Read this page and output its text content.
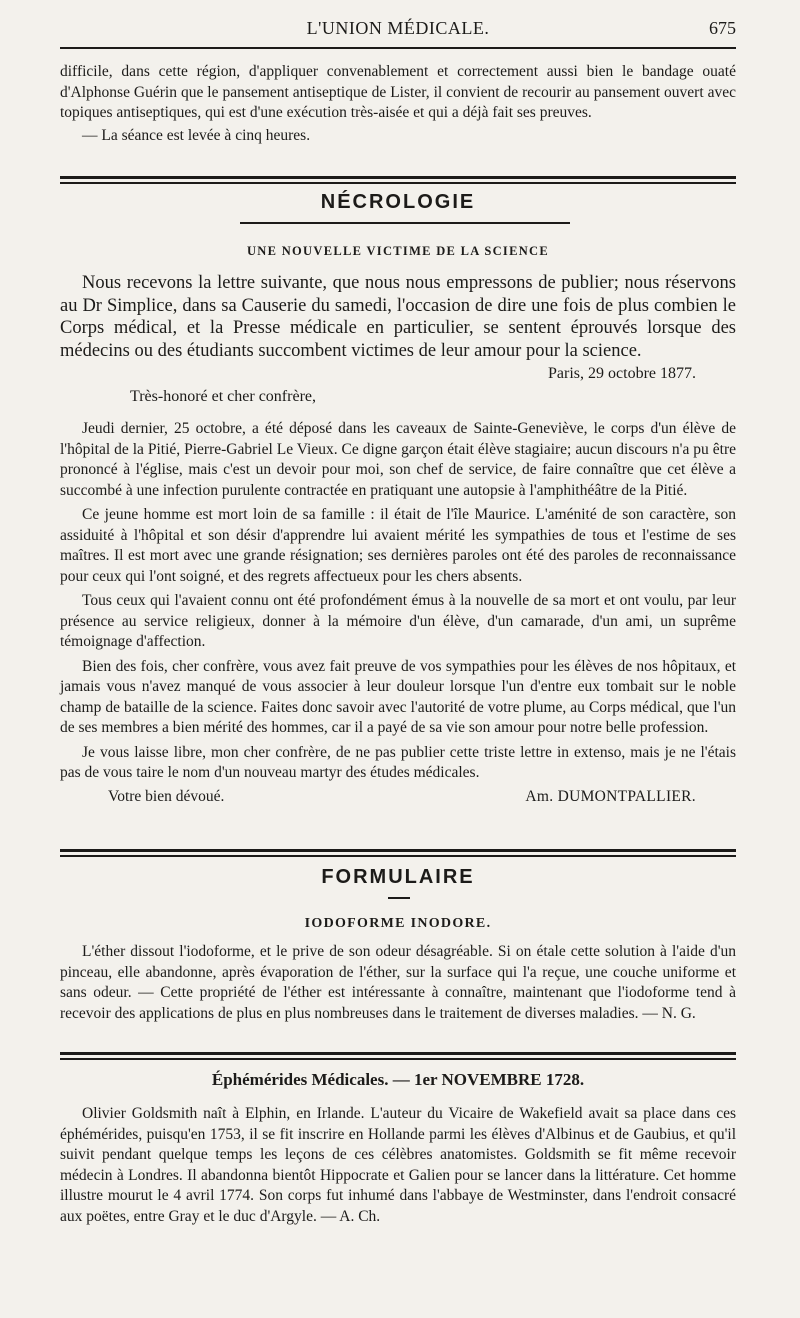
L'UNION MÉDICALE.	675

difficile, dans cette région, d'appliquer convenablement et correctement aussi bien le bandage ouaté d'Alphonse Guérin que le pansement antiseptique de Lister, il convient de recourir au pansement ouvert avec topiques antiseptiques, qui est d'une exécution très-aisée et qui a déjà fait ses preuves.

— La séance est levée à cinq heures.

NÉCROLOGIE
UNE NOUVELLE VICTIME DE LA SCIENCE

Nous recevons la lettre suivante, que nous nous empressons de publier; nous réservons au Dr Simplice, dans sa Causerie du samedi, l'occasion de dire une fois de plus combien le Corps médical, et la Presse médicale en particulier, se sentent éprouvés lorsque des médecins ou des étudiants succombent victimes de leur amour pour la science.

Paris, 29 octobre 1877.
Très-honoré et cher confrère,

Jeudi dernier, 25 octobre, a été déposé dans les caveaux de Sainte-Geneviève, le corps d'un élève de l'hôpital de la Pitié, Pierre-Gabriel Le Vieux. Ce digne garçon était élève stagiaire; aucun discours n'a pu être prononcé à l'église, mais c'est un devoir pour moi, son chef de service, de faire connaître que cet élève a succombé à une infection purulente contractée en pratiquant une autopsie à l'amphithéâtre de la Pitié.

Ce jeune homme est mort loin de sa famille : il était de l'île Maurice. L'aménité de son caractère, son assiduité à l'hôpital et son désir d'apprendre lui avaient mérité les sympathies de tous et l'estime de ses maîtres. Il est mort avec une grande résignation; ses dernières paroles ont été des paroles de reconnaissance pour ceux qui l'ont soigné, et des regrets affectueux pour les chers absents.

Tous ceux qui l'avaient connu ont été profondément émus à la nouvelle de sa mort et ont voulu, par leur présence au service religieux, donner à la mémoire d'un élève, d'un camarade, d'un ami, un suprême témoignage d'affection.

Bien des fois, cher confrère, vous avez fait preuve de vos sympathies pour les élèves de nos hôpitaux, et jamais vous n'avez manqué de vous associer à leur douleur lorsque l'un d'entre eux tombait sur le noble champ de bataille de la science. Faites donc savoir avec l'autorité de votre plume, au Corps médical, que l'un de ses membres a bien mérité des hommes, car il a payé de sa vie son amour pour notre belle profession.

Je vous laisse libre, mon cher confrère, de ne pas publier cette triste lettre in extenso, mais je ne l'étais pas de vous taire le nom d'un nouveau martyr des études médicales.

Votre bien dévoué.	Am. DUMONTPALLIER.
FORMULAIRE
IODOFORME INODORE.

L'éther dissout l'iodoforme, et le prive de son odeur désagréable. Si on étale cette solution à l'aide d'un pinceau, elle abandonne, après évaporation de l'éther, sur la surface qui l'a reçue, une couche uniforme et sans odeur. — Cette propriété de l'éther est intéressante à connaître, maintenant que l'iodoforme tend à recevoir des applications de plus en plus nombreuses dans le traitement de diverses maladies. — N. G.

Éphémérides Médicales. — 1er NOVEMBRE 1728.

Olivier Goldsmith naît à Elphin, en Irlande. L'auteur du Vicaire de Wakefield avait sa place dans ces éphémérides, puisqu'en 1753, il se fit inscrire en Hollande parmi les élèves d'Albinus et de Gaubius, et qu'il suivit pendant quelque temps les leçons de ces célèbres anatomistes. Goldsmith se fit même recevoir médecin à Londres. Il abandonna bientôt Hippocrate et Galien pour se lancer dans la littérature. Cet homme illustre mourut le 4 avril 1774. Son corps fut inhumé dans l'abbaye de Westminster, dans l'endroit consacré aux poëtes, entre Gray et le duc d'Argyle. — A. Ch.
